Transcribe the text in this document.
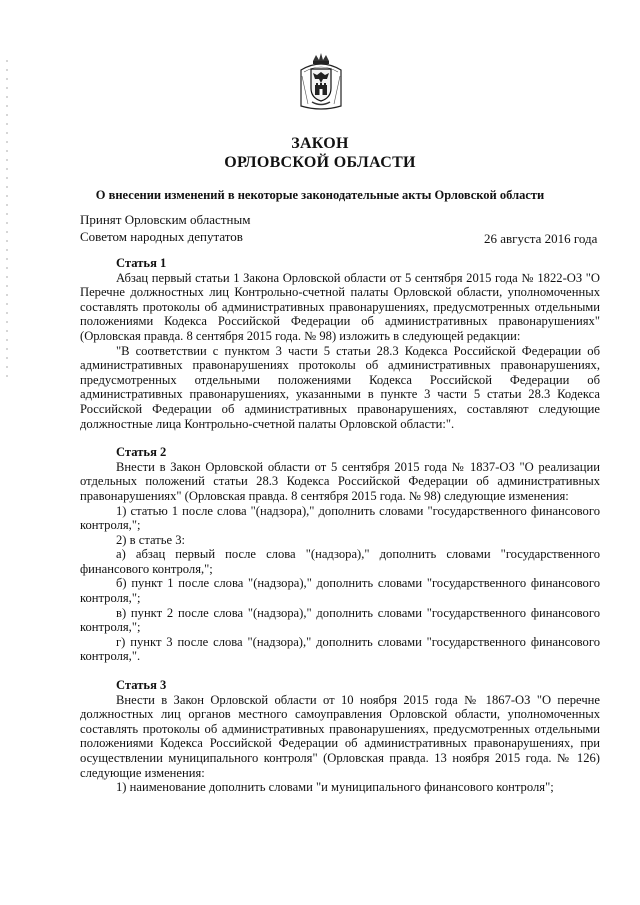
ЗАКОН
ОРЛОВСКОЙ ОБЛАСТИ
О внесении изменений в некоторые законодательные акты Орловской области
Принят Орловским областным
Советом народных депутатов	26 августа 2016 года

Статья 1

Абзац первый статьи 1 Закона Орловской области от 5 сентября 2015 года № 1822-ОЗ "О Перечне должностных лиц Контрольно-счетной палаты Орловской области, уполномоченных составлять протоколы об административных правонарушениях, предусмотренных отдельными положениями Кодекса Российской Федерации об административных правонарушениях" (Орловская правда. 8 сентября 2015 года. № 98) изложить в следующей редакции:

"В соответствии с пунктом 3 части 5 статьи 28.3 Кодекса Российской Федерации об административных правонарушениях протоколы об административных правонарушениях, предусмотренных отдельными положениями Кодекса Российской Федерации об административных правонарушениях, указанными в пункте 3 части 5 статьи 28.3 Кодекса Российской Федерации об административных правонарушениях, составляют следующие должностные лица Контрольно-счетной палаты Орловской области:".

Статья 2

Внести в Закон Орловской области от 5 сентября 2015 года № 1837-ОЗ "О реализации отдельных положений статьи 28.3 Кодекса Российской Федерации об административных правонарушениях" (Орловская правда. 8 сентября 2015 года. № 98) следующие изменения:

1) статью 1 после слова "(надзора)," дополнить словами "государственного финансового контроля,";

2) в статье 3:

а) абзац первый после слова "(надзора)," дополнить словами "государственного финансового контроля,";

б) пункт 1 после слова "(надзора)," дополнить словами "государственного финансового контроля,";

в) пункт 2 после слова "(надзора)," дополнить словами "государственного финансового контроля,";

г) пункт 3 после слова "(надзора)," дополнить словами "государственного финансового контроля,".

Статья 3

Внести в Закон Орловской области от 10 ноября 2015 года № 1867-ОЗ "О перечне должностных лиц органов местного самоуправления Орловской области, уполномоченных составлять протоколы об административных правонарушениях, предусмотренных отдельными положениями Кодекса Российской Федерации об административных правонарушениях, при осуществлении муниципального контроля" (Орловская правда. 13 ноября 2015 года. № 126) следующие изменения:

1) наименование дополнить словами "и муниципального финансового контроля";
